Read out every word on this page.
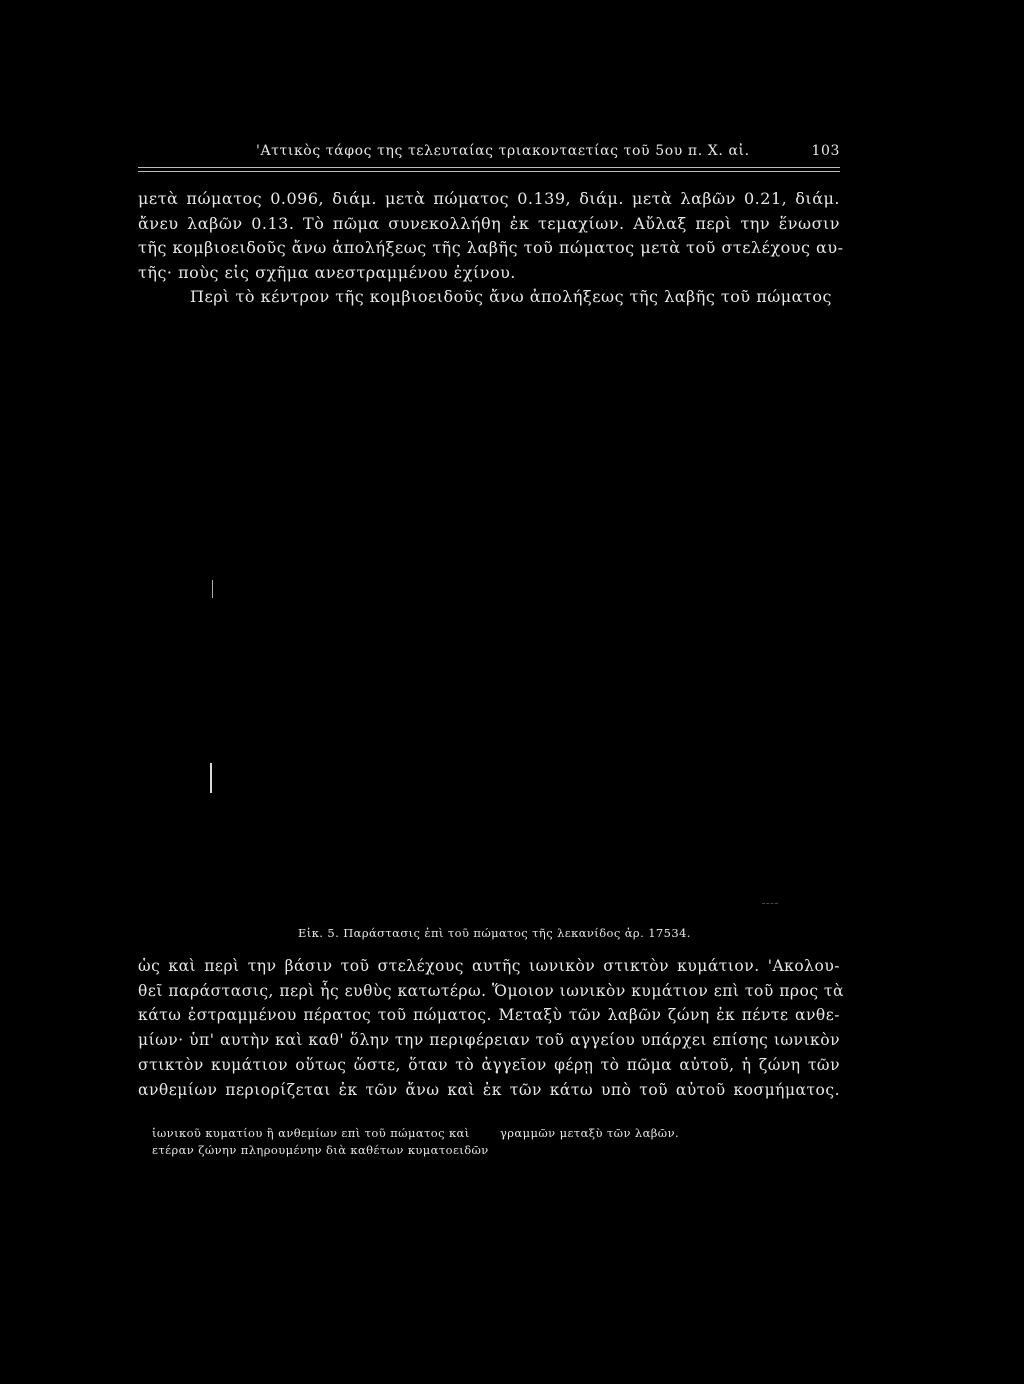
'Αττικὸς τάφος της τελευταίας τριακονταετίας τοῦ 5ου π. Χ. αἰ.	103

μετὰ πώματος 0.096, διάμ. μετὰ πώματος 0.139, διάμ. μετὰ λαβῶν 0.21, διάμ.
ἄνευ λαβῶν 0.13. Τὸ πῶμα συνεκολλήθη ἐκ τεμαχίων. Αὔλαξ περὶ την ἕνωσιν
τῆς κομβιοειδοῦς ἄνω ἀπολήξεως τῆς λαβῆς τοῦ πώματος μετὰ τοῦ στελέχους αυ-
τῆς· ποὺς εἰς σχῆμα ανεστραμμένου ἐχίνου.
Περὶ τὸ κέντρον τῆς κομβιοειδοῦς ἄνω ἀπολήξεως τῆς λαβῆς τοῦ πώματος

Εἰκ. 5. Παράστασις ἐπὶ τοῦ πώματος τῆς λεκανίδος ἀρ. 17534.

ὡς καὶ περὶ την βάσιν τοῦ στελέχους αυτῆς ιωνικὸν στικτὸν κυμάτιον. 'Ακολου-
θεῖ παράστασις, περὶ ἧς ευθὺς κατωτέρω. Ὅμοιον ιωνικὸν κυμάτιον επὶ τοῦ προς τὰ
κάτω ἐστραμμένου πέρατος τοῦ πώματος. Μεταξὺ τῶν λαβῶν ζώνη ἐκ πέντε ανθε-
μίων· ὑπ' αυτὴν καὶ καθ' ὅλην την περιφέρειαν τοῦ αγγείου υπάρχει επίσης ιωνικὸν
στικτὸν κυμάτιον οὕτως ὥστε, ὅταν τὸ ἀγγεῖον φέρῃ τὸ πῶμα αὐτοῦ, ἡ ζώνη τῶν
ανθεμίων περιορίζεται ἐκ τῶν ἄνω καὶ ἐκ τῶν κάτω υπὸ τοῦ αὐτοῦ κοσμήματος.

ἰωνικοῦ κυματίου ἢ ανθεμίων επὶ τοῦ πώματος καὶ
ετέραν ζώνην πληρουμένην διὰ καθέτων κυματοειδῶν
γραμμῶν μεταξὺ τῶν λαβῶν.
